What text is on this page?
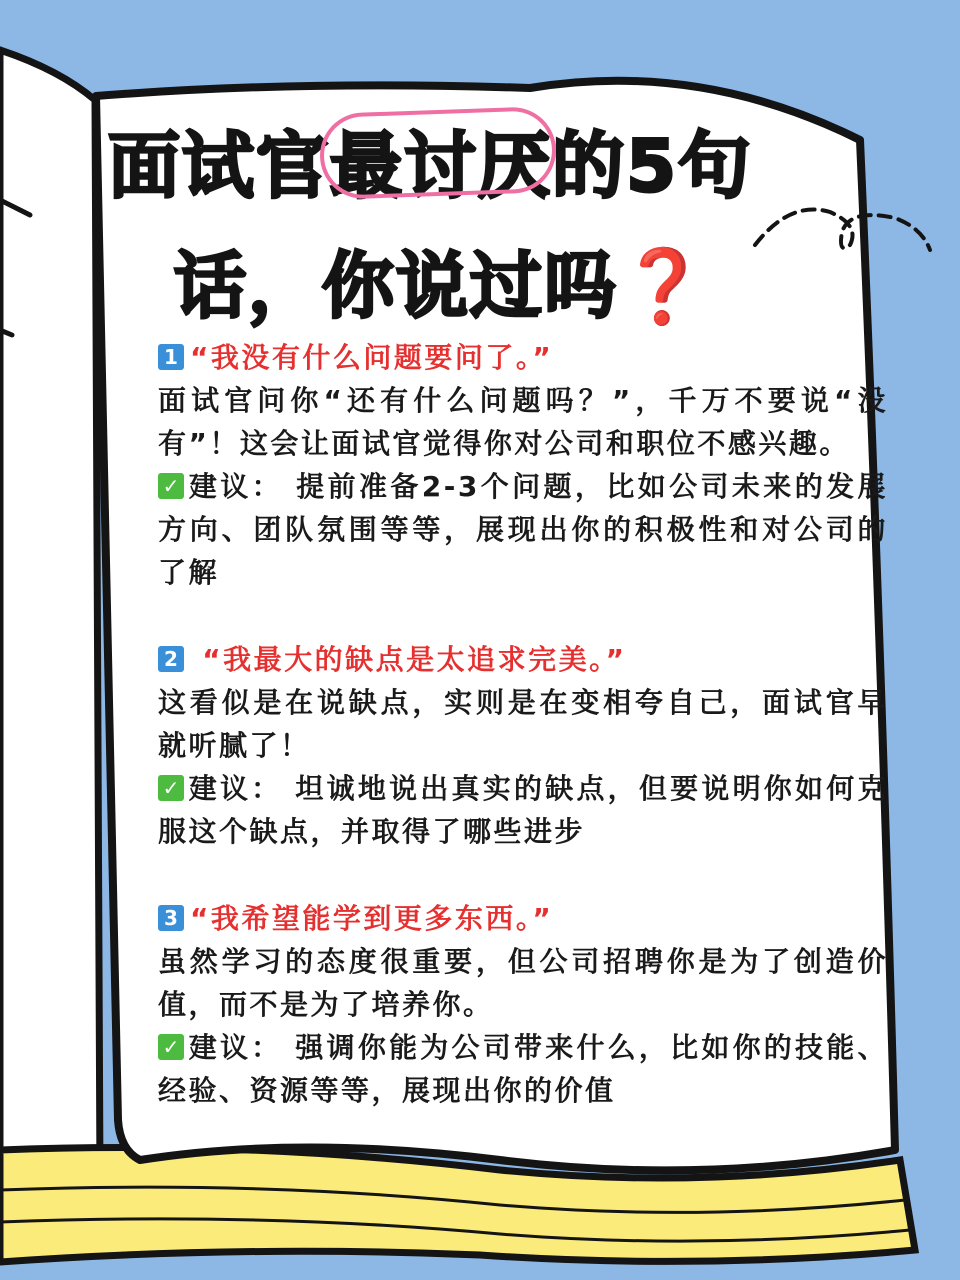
面试官
最讨厌的5句
话，你说过吗❓
1 “我没有什么问题要问了。”
面试官问你“还有什么问题吗？”，千万不要说“没有”！这会让面试官觉得你对公司和职位不感兴趣。
✓ 建议： 提前准备2-3个问题，比如公司未来的发展方向、团队氛围等等，展现出你的积极性和对公司的了解
2 “我最大的缺点是太追求完美。”
这看似是在说缺点，实则是在变相夸自己，面试官早就听腻了！
✓ 建议： 坦诚地说出真实的缺点，但要说明你如何克服这个缺点，并取得了哪些进步
3 “我希望能学到更多东西。”
虽然学习的态度很重要，但公司招聘你是为了创造价值，而不是为了培养你。
✓ 建议： 强调你能为公司带来什么，比如你的技能、经验、资源等等，展现出你的价值
